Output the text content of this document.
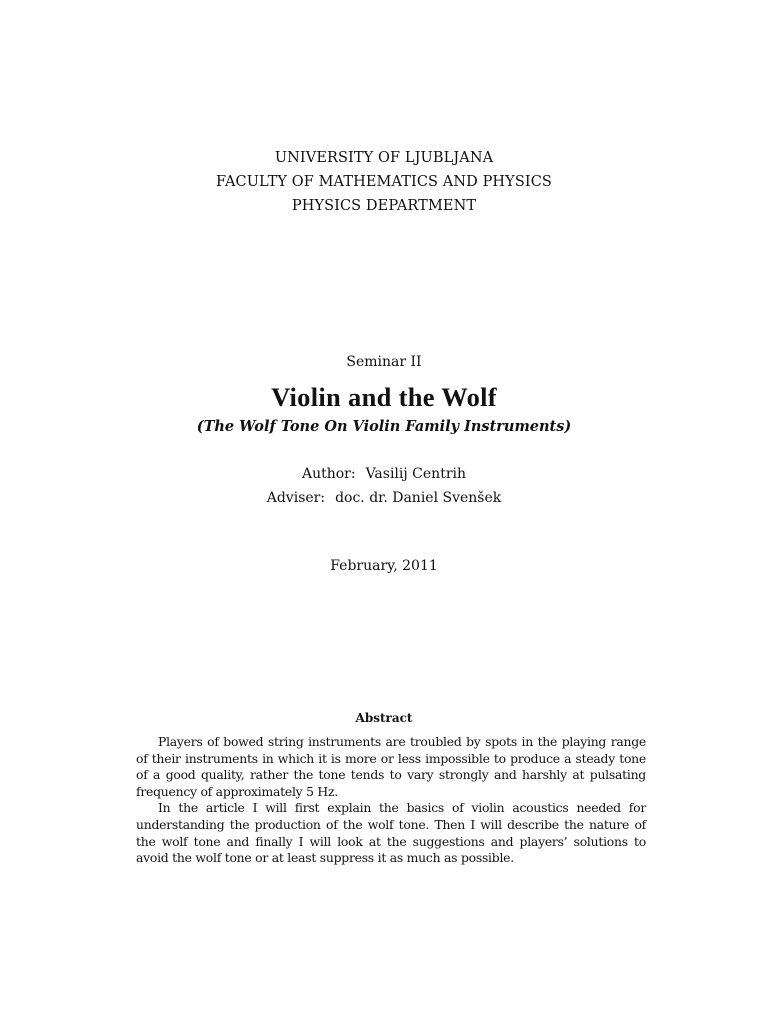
UNIVERSITY OF LJUBLJANA
FACULTY OF MATHEMATICS AND PHYSICS
PHYSICS DEPARTMENT
Seminar II
Violin and the Wolf
(The Wolf Tone On Violin Family Instruments)
Author: Vasilij Centrih
Adviser: doc. dr. Daniel Svenšek
February, 2011
Abstract

Players of bowed string instruments are troubled by spots in the playing range of their instruments in which it is more or less impossible to produce a steady tone of a good quality, rather the tone tends to vary strongly and harshly at pulsating frequency of approximately 5 Hz.

In the article I will first explain the basics of violin acoustics needed for understanding the production of the wolf tone. Then I will describe the nature of the wolf tone and finally I will look at the suggestions and players’ solutions to avoid the wolf tone or at least suppress it as much as possible.
